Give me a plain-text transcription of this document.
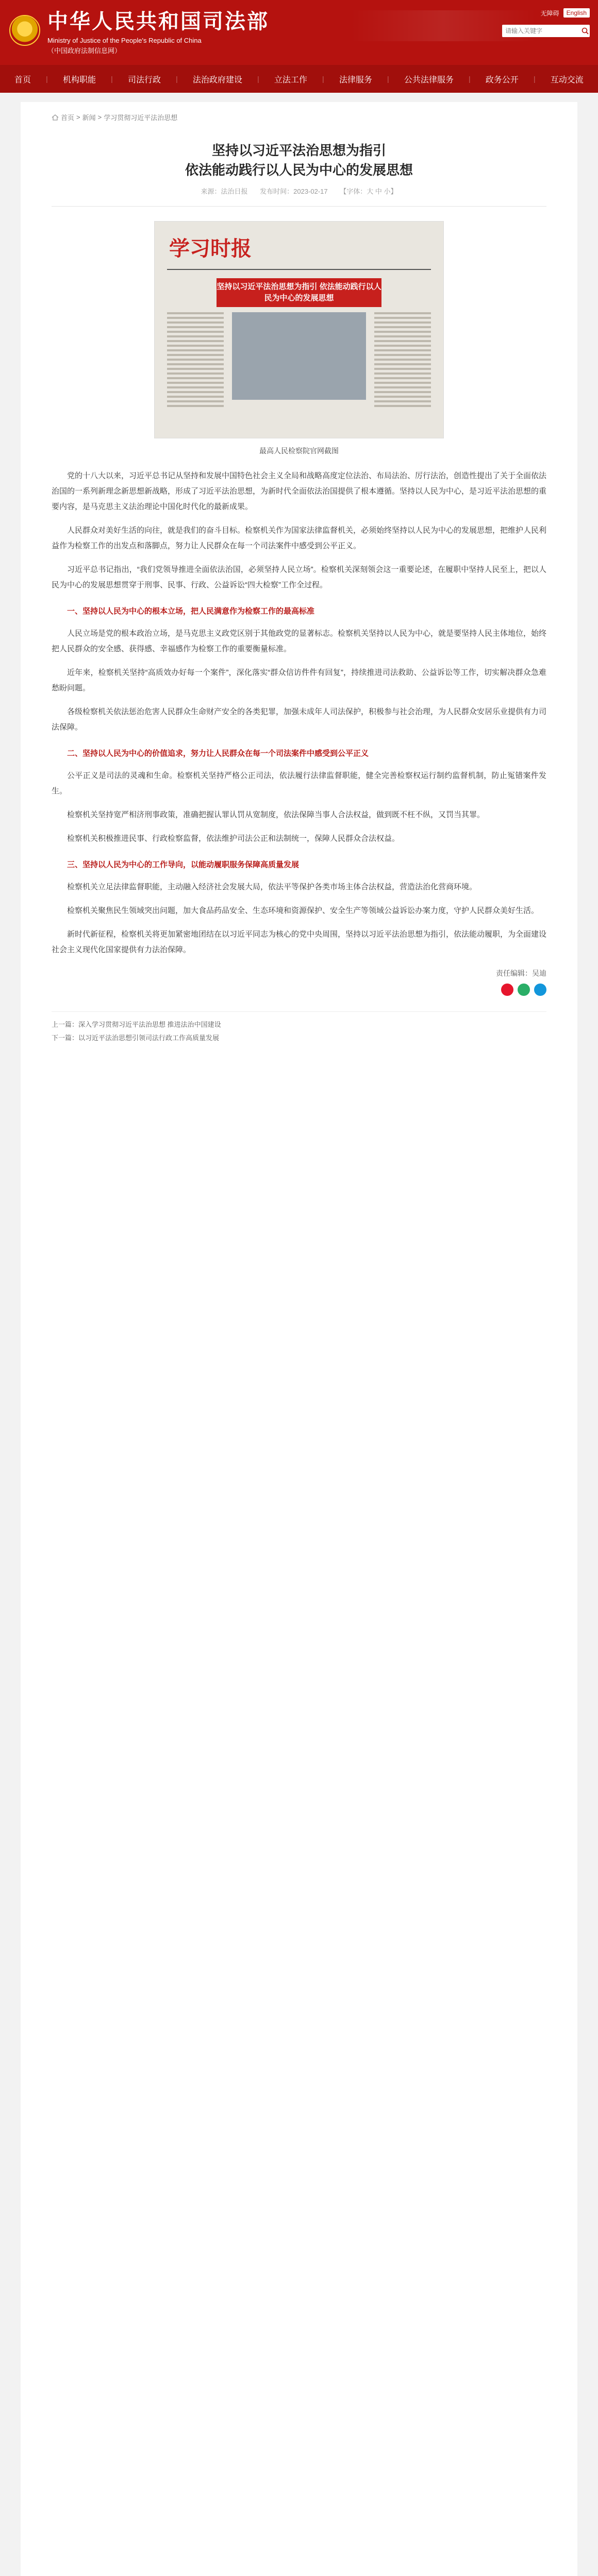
中华人民共和国司法部
Ministry of Justice of the People's Republic of China
（中国政府法制信息网）
无障碍	English
请输入关键字
首页	|	机构职能	|	司法行政	|	法治政府建设	|	立法工作	|	法律服务	|	公共法律服务	|	政务公开	|	互动交流
首页 > 新闻 > 学习贯彻习近平法治思想
坚持以习近平法治思想为指引
依法能动践行以人民为中心的发展思想
来源：法治日报 发布时间：2023-02-17 【字体：大 中 小】
学习时报
坚持以习近平法治思想为指引 依法能动践行以人民为中心的发展思想
最高人民检察院官网截图

党的十八大以来，习近平总书记从坚持和发展中国特色社会主义全局和战略高度定位法治、布局法治、厉行法治，创造性提出了关于全面依法治国的一系列新理念新思想新战略，形成了习近平法治思想，为新时代全面依法治国提供了根本遵循。坚持以人民为中心，是习近平法治思想的重要内容，是马克思主义法治理论中国化时代化的最新成果。

人民群众对美好生活的向往，就是我们的奋斗目标。检察机关作为国家法律监督机关，必须始终坚持以人民为中心的发展思想，把维护人民利益作为检察工作的出发点和落脚点，努力让人民群众在每一个司法案件中感受到公平正义。

习近平总书记指出，“我们党领导推进全面依法治国，必须坚持人民立场”。检察机关深刻领会这一重要论述，在履职中坚持人民至上，把以人民为中心的发展思想贯穿于刑事、民事、行政、公益诉讼“四大检察”工作全过程。

一、坚持以人民为中心的根本立场，把人民满意作为检察工作的最高标准

人民立场是党的根本政治立场，是马克思主义政党区别于其他政党的显著标志。检察机关坚持以人民为中心，就是要坚持人民主体地位，始终把人民群众的安全感、获得感、幸福感作为检察工作的重要衡量标准。

近年来，检察机关坚持“高质效办好每一个案件”，深化落实“群众信访件件有回复”，持续推进司法救助、公益诉讼等工作，切实解决群众急难愁盼问题。

各级检察机关依法惩治危害人民群众生命财产安全的各类犯罪，加强未成年人司法保护，积极参与社会治理，为人民群众安居乐业提供有力司法保障。

二、坚持以人民为中心的价值追求，努力让人民群众在每一个司法案件中感受到公平正义

公平正义是司法的灵魂和生命。检察机关坚持严格公正司法，依法履行法律监督职能，健全完善检察权运行制约监督机制，防止冤错案件发生。

检察机关坚持宽严相济刑事政策，准确把握认罪认罚从宽制度，依法保障当事人合法权益，做到既不枉不纵，又罚当其罪。

检察机关积极推进民事、行政检察监督，依法维护司法公正和法制统一，保障人民群众合法权益。

三、坚持以人民为中心的工作导向，以能动履职服务保障高质量发展

检察机关立足法律监督职能，主动融入经济社会发展大局，依法平等保护各类市场主体合法权益，营造法治化营商环境。

检察机关聚焦民生领域突出问题，加大食品药品安全、生态环境和资源保护、安全生产等领域公益诉讼办案力度，守护人民群众美好生活。

新时代新征程，检察机关将更加紧密地团结在以习近平同志为核心的党中央周围，坚持以习近平法治思想为指引，依法能动履职，为全面建设社会主义现代化国家提供有力法治保障。

责任编辑：吴迪
上一篇：深入学习贯彻习近平法治思想 推进法治中国建设
下一篇：以习近平法治思想引领司法行政工作高质量发展
